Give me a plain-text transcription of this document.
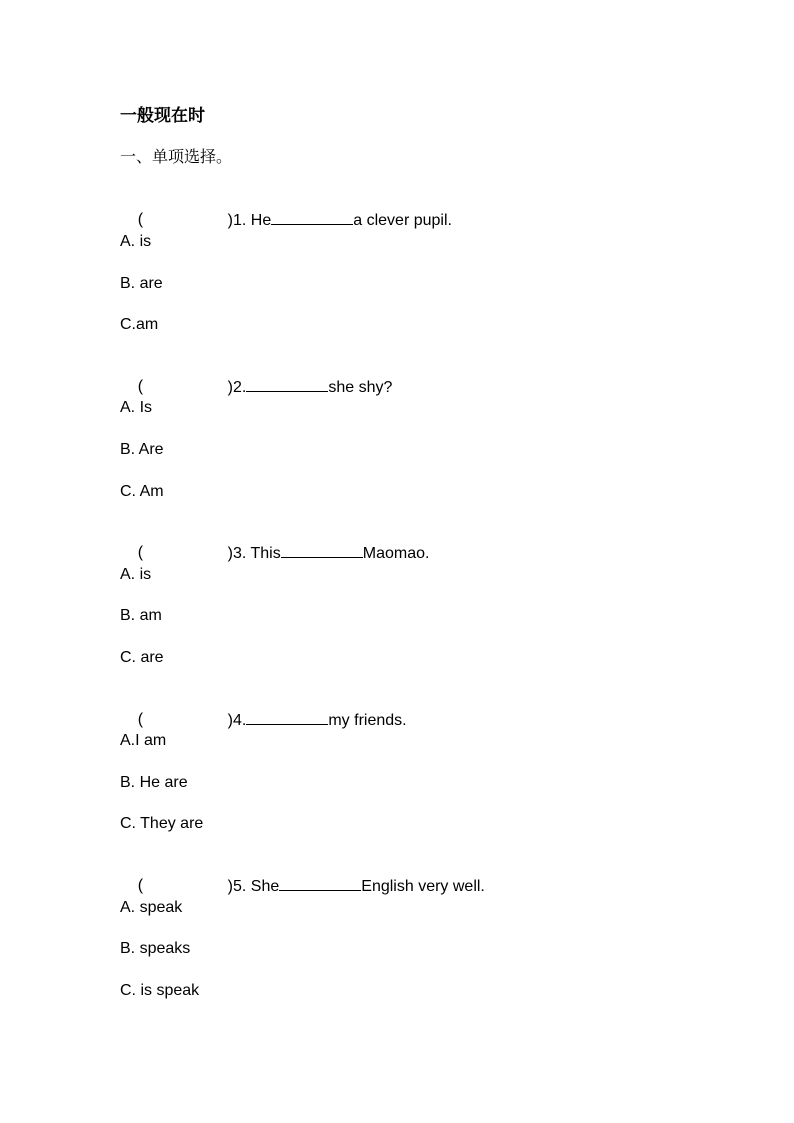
一般现在时
一、单项选择。

(
	)1. He	a clever pupil.

A. is
B. are
C.am

(
	)2.	she shy?

A. Is
B. Are
C. Am

(
	)3. This	Maomao.

A. is
B. am
C. are

(
	)4.	my friends.

A.I am
B. He are
C. They are

(
	)5. She	English very well.

A. speak
B. speaks
C. is speak
